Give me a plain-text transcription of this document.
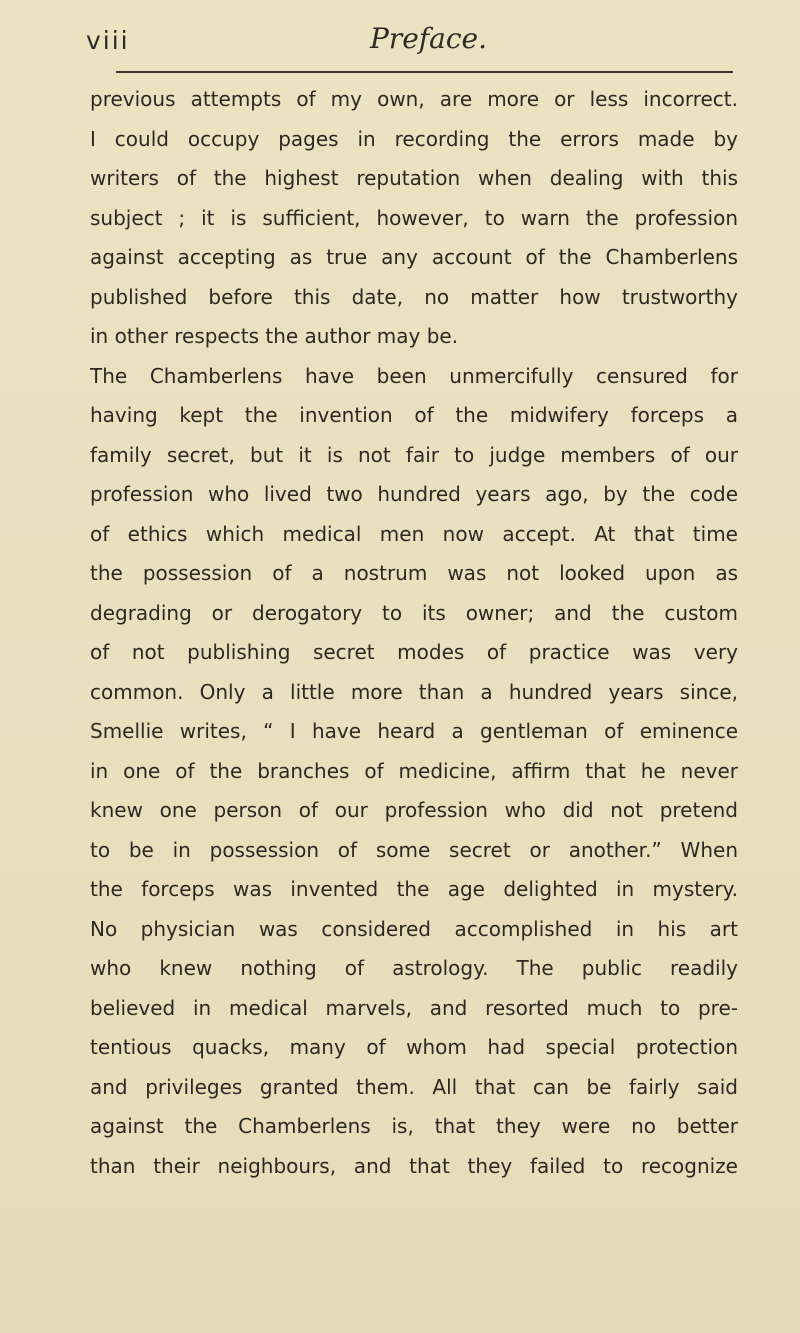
viii	Preface.
previous attempts of my own, are more or less incorrect.
I could occupy pages in recording the errors made by
writers of the highest reputation when dealing with this
subject ; it is sufficient, however, to warn the profession
against accepting as true any account of the Chamberlens
published before this date, no matter how trustworthy
in other respects the author may be.
The Chamberlens have been unmercifully censured for
having kept the invention of the midwifery forceps a
family secret, but it is not fair to judge members of our
profession who lived two hundred years ago, by the code
of ethics which medical men now accept. At that time
the possession of a nostrum was not looked upon as
degrading or derogatory to its owner; and the custom
of not publishing secret modes of practice was very
common. Only a little more than a hundred years since,
Smellie writes, “ I have heard a gentleman of eminence
in one of the branches of medicine, affirm that he never
knew one person of our profession who did not pretend
to be in possession of some secret or another.” When
the forceps was invented the age delighted in mystery.
No physician was considered accomplished in his art
who knew nothing of astrology. The public readily
believed in medical marvels, and resorted much to pre-
tentious quacks, many of whom had special protection
and privileges granted them. All that can be fairly said
against the Chamberlens is, that they were no better
than their neighbours, and that they failed to recognize
